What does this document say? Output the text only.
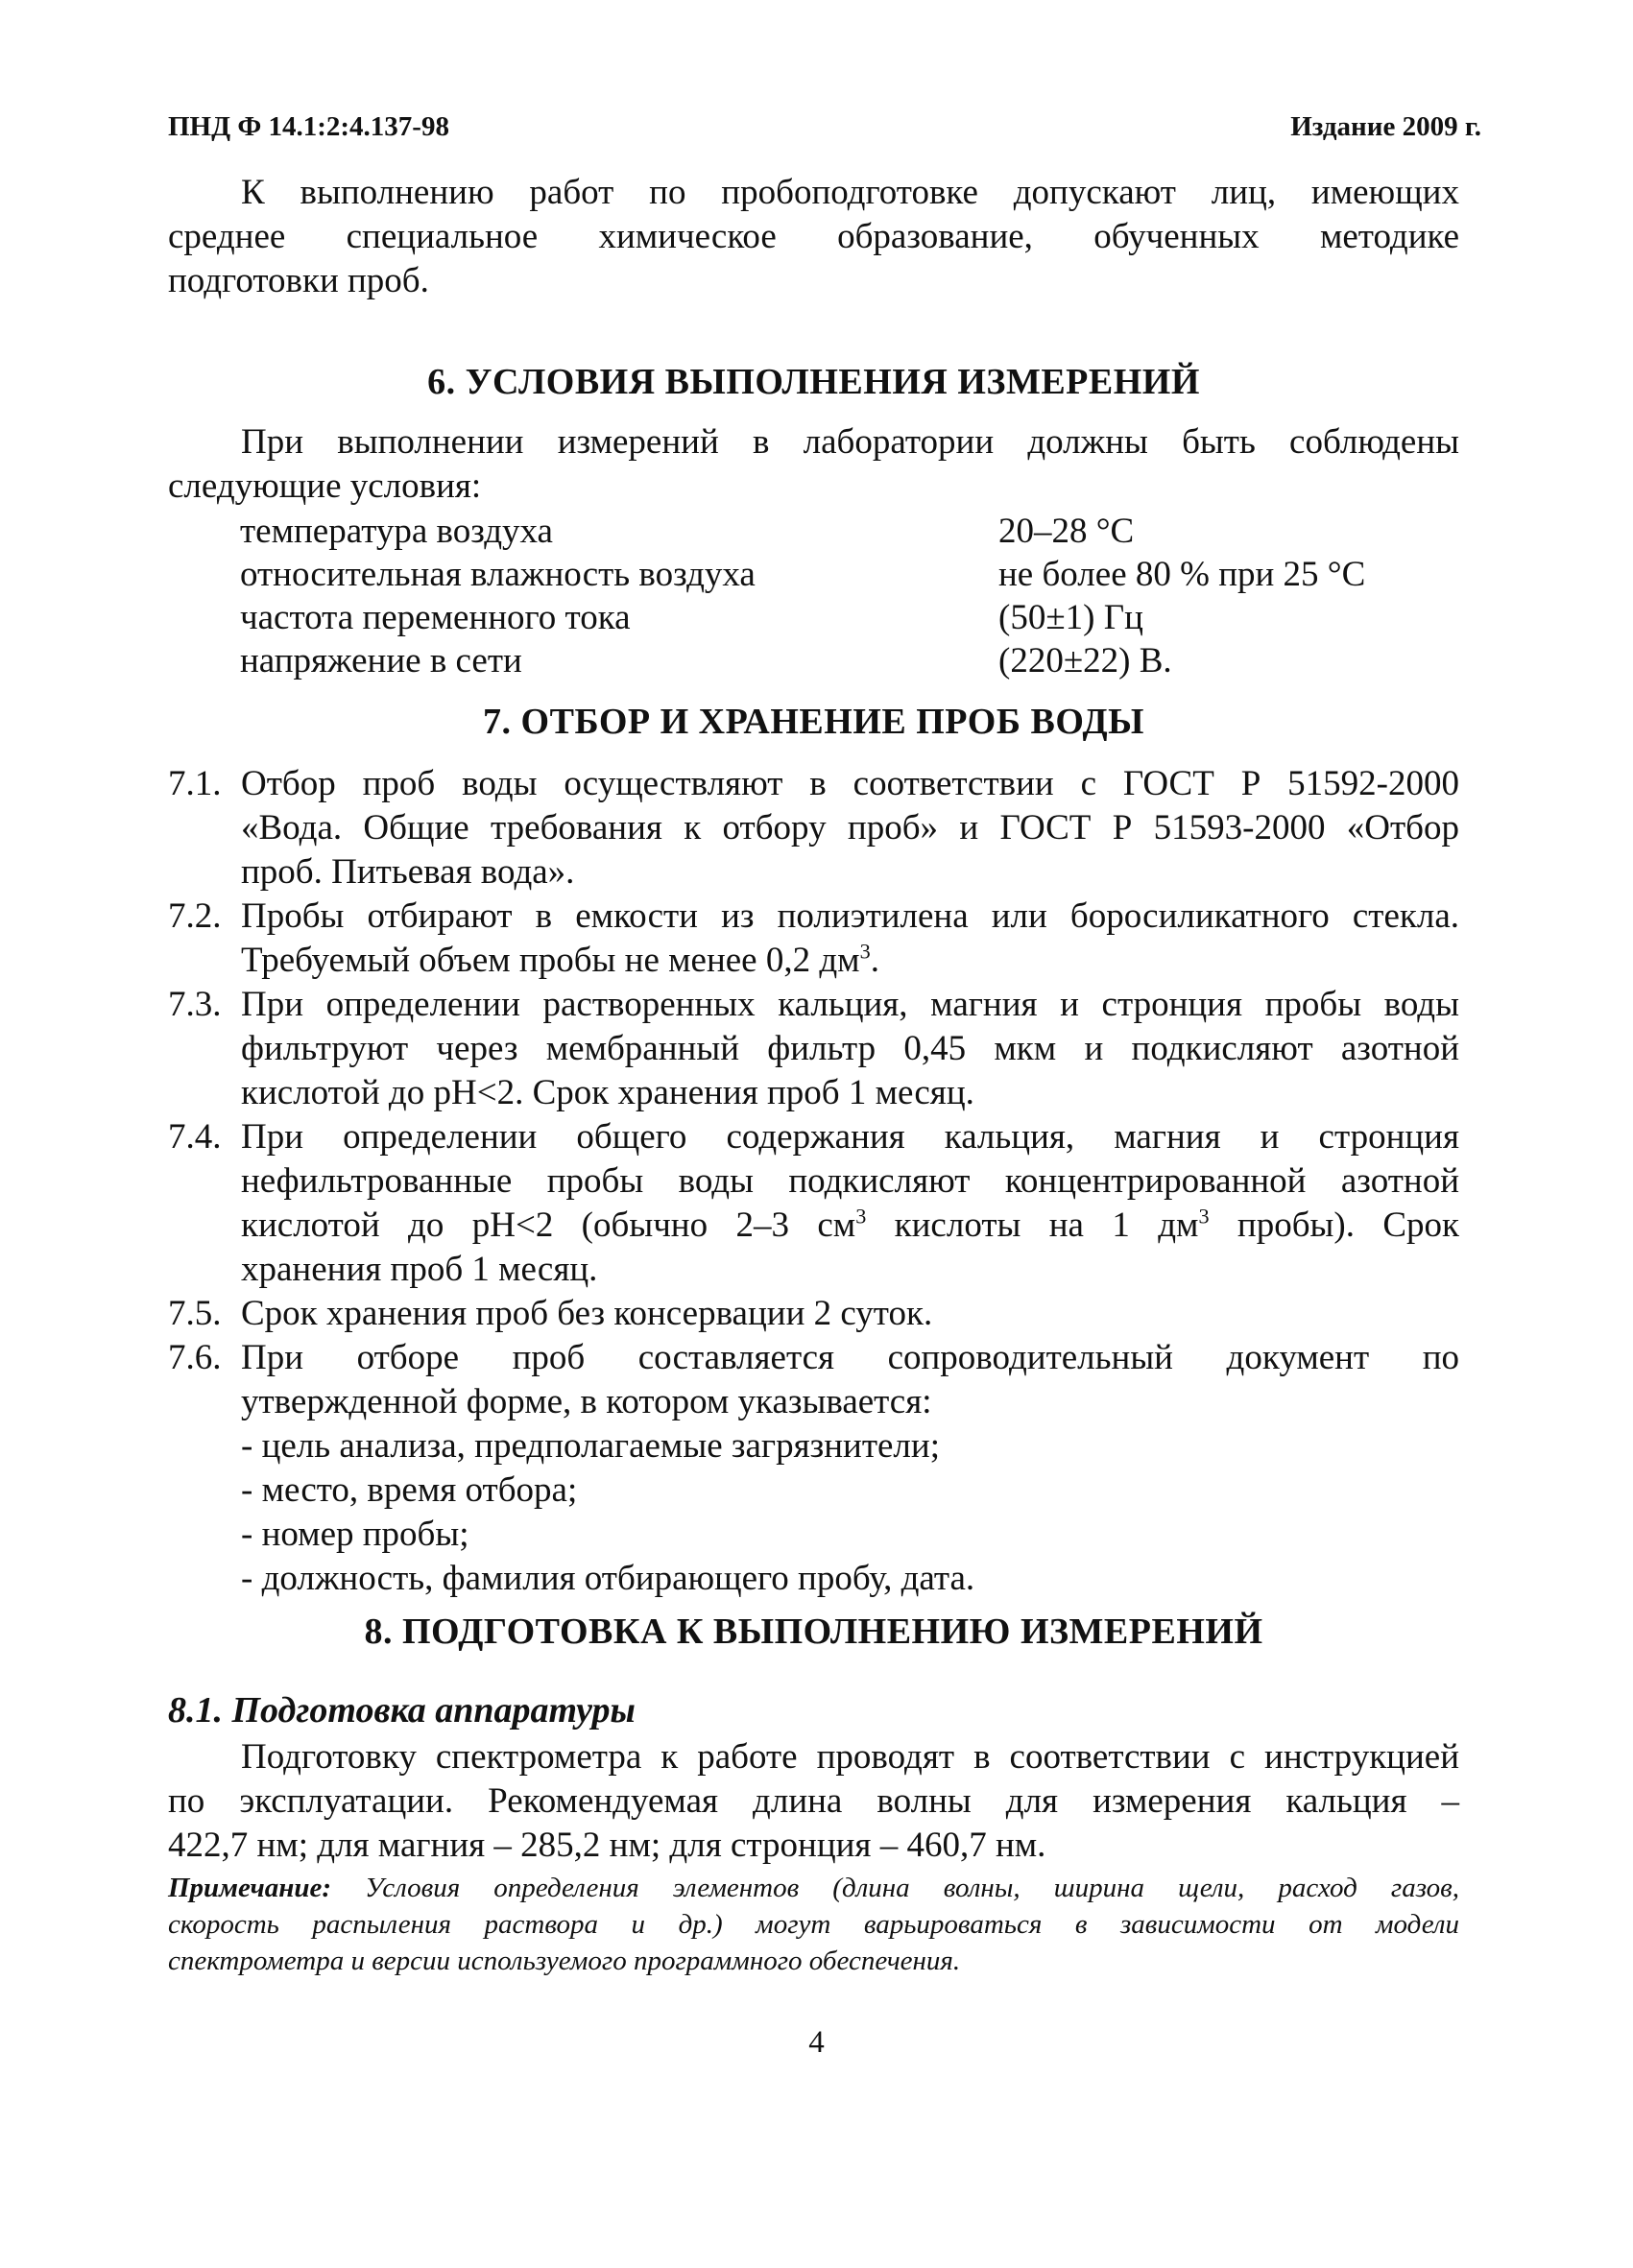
ПНД Ф 14.1:2:4.137-98	Издание 2009 г.

К выполнению работ по пробоподготовке допускают лиц, имеющих

среднее специальное химическое образование, обученных методике

подготовки проб.

6. УСЛОВИЯ ВЫПОЛНЕНИЯ ИЗМЕРЕНИЙ

При выполнении измерений в лаборатории должны быть соблюдены

следующие условия:

температура воздуха	20–28 °C
относительная влажность воздуха	не более 80 % при 25 °C
частота переменного тока	(50±1) Гц
напряжение в сети	(220±22) В.
7. ОТБОР И ХРАНЕНИЕ ПРОБ ВОДЫ
7.1. Отбор проб воды осуществляют в соответствии с ГОСТ Р 51592-2000

«Вода. Общие требования к отбору проб» и ГОСТ Р 51593-2000 «Отбор

проб. Питьевая вода».

7.2. Пробы отбирают в емкости из полиэтилена или боросиликатного стекла.

Требуемый объем пробы не менее 0,2 $дм^3$.

7.3. При определении растворенных кальция, магния и стронция пробы воды

фильтруют через мембранный фильтр 0,45 мкм и подкисляют азотной

кислотой до pH<2. Срок хранения проб 1 месяц.

7.4. При определении общего содержания кальция, магния и стронция

нефильтрованные пробы воды подкисляют концентрированной азотной

кислотой до pH<2 (обычно 2–3 $см^3$ кислоты на 1 $дм^3$ пробы). Срок

хранения проб 1 месяц.

7.5. Срок хранения проб без консервации 2 суток.

7.6. При отборе проб составляется сопроводительный документ по

утвержденной форме, в котором указывается:

- цель анализа, предполагаемые загрязнители;

- место, время отбора;

- номер пробы;

- должность, фамилия отбирающего пробу, дата.

8. ПОДГОТОВКА К ВЫПОЛНЕНИЮ ИЗМЕРЕНИЙ
8.1. Подготовка аппаратуры

Подготовку спектрометра к работе проводят в соответствии с инструкцией

по эксплуатации. Рекомендуемая длина волны для измерения кальция –

422,7 нм; для магния – 285,2 нм; для стронция – 460,7 нм.

Примечание: Условия определения элементов (длина волны, ширина щели, расход газов,

скорость распыления раствора и др.) могут варьироваться в зависимости от модели

спектрометра и версии используемого программного обеспечения.

4
